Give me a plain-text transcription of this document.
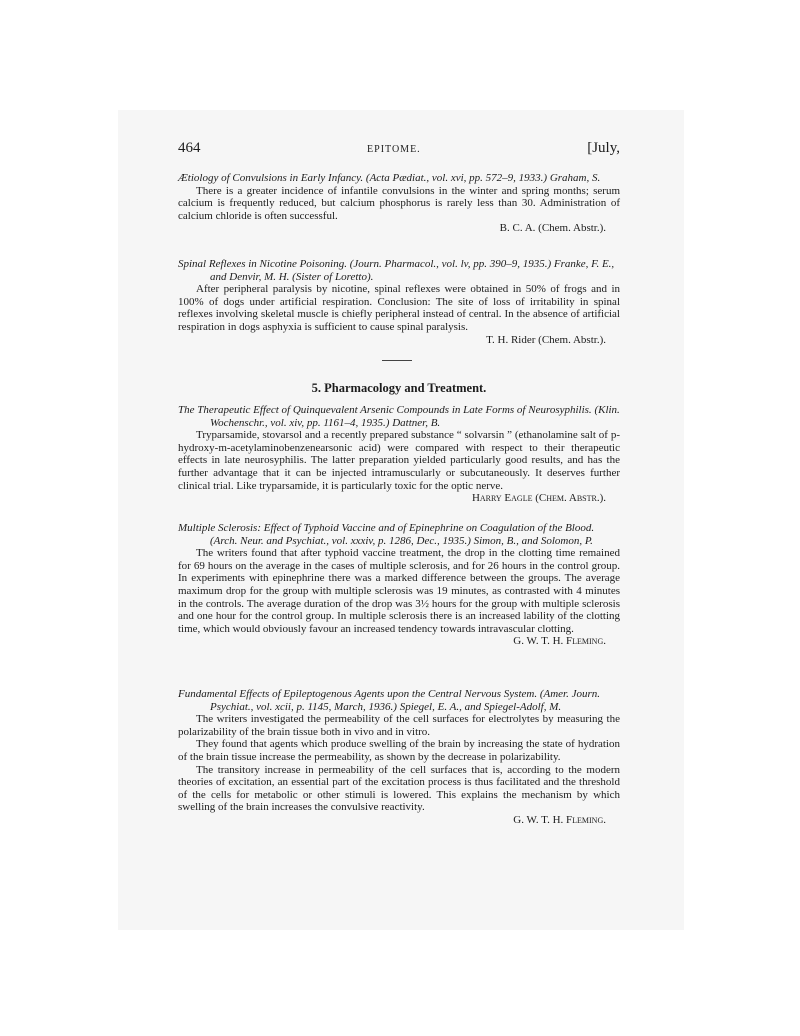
464	EPITOME.	[July,

Ætiology of Convulsions in Early Infancy. (Acta Pædiat., vol. xvi, pp. 572–9, 1933.) Graham, S.

There is a greater incidence of infantile convulsions in the winter and spring months; serum calcium is frequently reduced, but calcium phosphorus is rarely less than 30. Administration of calcium chloride is often successful.

B. C. A. (Chem. Abstr.).

Spinal Reflexes in Nicotine Poisoning. (Journ. Pharmacol., vol. lv, pp. 390–9, 1935.) Franke, F. E., and Denvir, M. H. (Sister of Loretto).

After peripheral paralysis by nicotine, spinal reflexes were obtained in 50% of frogs and in 100% of dogs under artificial respiration. Conclusion: The site of loss of irritability in spinal reflexes involving skeletal muscle is chiefly peripheral instead of central. In the absence of artificial respiration in dogs asphyxia is sufficient to cause spinal paralysis.

T. H. Rider (Chem. Abstr.).

5. Pharmacology and Treatment.

The Therapeutic Effect of Quinquevalent Arsenic Compounds in Late Forms of Neurosyphilis. (Klin. Wochenschr., vol. xiv, pp. 1161–4, 1935.) Dattner, B.

Tryparsamide, stovarsol and a recently prepared substance “ solvarsin ” (ethanolamine salt of p-hydroxy-m-acetylaminobenzenearsonic acid) were compared with respect to their therapeutic effects in late neurosyphilis. The latter preparation yielded particularly good results, and has the further advantage that it can be injected intramuscularly or subcutaneously. It deserves further clinical trial. Like tryparsamide, it is particularly toxic for the optic nerve.

Harry Eagle (Chem. Abstr.).

Multiple Sclerosis: Effect of Typhoid Vaccine and of Epinephrine on Coagulation of the Blood. (Arch. Neur. and Psychiat., vol. xxxiv, p. 1286, Dec., 1935.) Simon, B., and Solomon, P.

The writers found that after typhoid vaccine treatment, the drop in the clotting time remained for 69 hours on the average in the cases of multiple sclerosis, and for 26 hours in the control group. In experiments with epinephrine there was a marked difference between the groups. The average maximum drop for the group with multiple sclerosis was 19 minutes, as contrasted with 4 minutes in the controls. The average duration of the drop was 3½ hours for the group with multiple sclerosis and one hour for the control group. In multiple sclerosis there is an increased lability of the clotting time, which would obviously favour an increased tendency towards intravascular clotting.

G. W. T. H. Fleming.

Fundamental Effects of Epileptogenous Agents upon the Central Nervous System. (Amer. Journ. Psychiat., vol. xcii, p. 1145, March, 1936.) Spiegel, E. A., and Spiegel-Adolf, M.

The writers investigated the permeability of the cell surfaces for electrolytes by measuring the polarizability of the brain tissue both in vivo and in vitro.

They found that agents which produce swelling of the brain by increasing the state of hydration of the brain tissue increase the permeability, as shown by the decrease in polarizability.

The transitory increase in permeability of the cell surfaces that is, according to the modern theories of excitation, an essential part of the excitation process is thus facilitated and the threshold of the cells for metabolic or other stimuli is lowered. This explains the mechanism by which swelling of the brain increases the convulsive reactivity.

G. W. T. H. Fleming.
